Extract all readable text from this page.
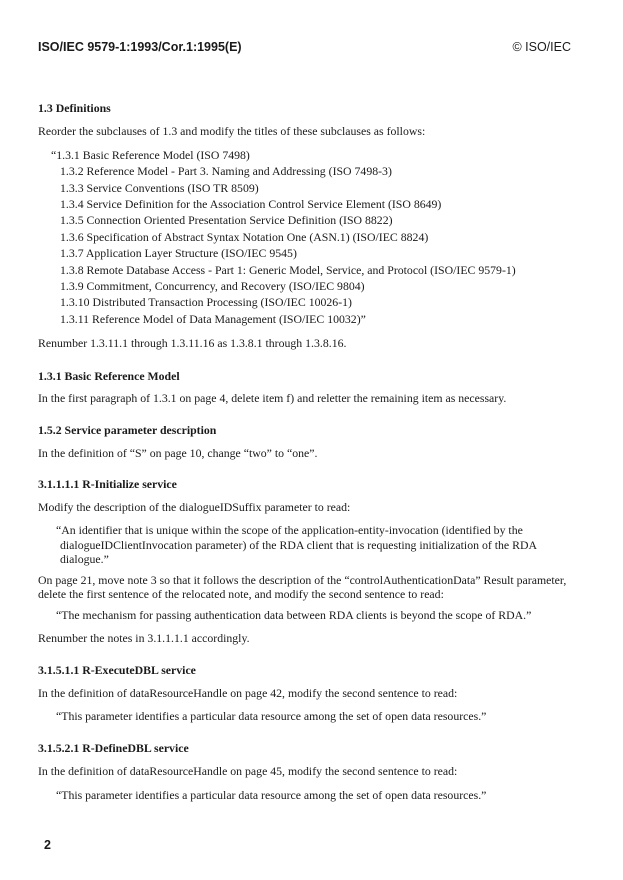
ISO/IEC 9579-1:1993/Cor.1:1995(E)	© ISO/IEC
1.3 Definitions
Reorder the subclauses of 1.3 and modify the titles of these subclauses as follows:
“1.3.1 Basic Reference Model (ISO 7498)
1.3.2 Reference Model - Part 3. Naming and Addressing (ISO 7498-3)
1.3.3 Service Conventions (ISO TR 8509)
1.3.4 Service Definition for the Association Control Service Element (ISO 8649)
1.3.5 Connection Oriented Presentation Service Definition (ISO 8822)
1.3.6 Specification of Abstract Syntax Notation One (ASN.1) (ISO/IEC 8824)
1.3.7 Application Layer Structure (ISO/IEC 9545)
1.3.8 Remote Database Access - Part 1: Generic Model, Service, and Protocol (ISO/IEC 9579-1)
1.3.9 Commitment, Concurrency, and Recovery (ISO/IEC 9804)
1.3.10 Distributed Transaction Processing (ISO/IEC 10026-1)
1.3.11 Reference Model of Data Management (ISO/IEC 10032)”
Renumber 1.3.11.1 through 1.3.11.16 as 1.3.8.1 through 1.3.8.16.
1.3.1 Basic Reference Model
In the first paragraph of 1.3.1 on page 4, delete item f) and reletter the remaining item as necessary.
1.5.2 Service parameter description
In the definition of “S” on page 10, change “two” to “one”.
3.1.1.1.1 R-Initialize service
Modify the description of the dialogueIDSuffix parameter to read:
“An identifier that is unique within the scope of the application-entity-invocation (identified by the
dialogueIDClientInvocation parameter) of the RDA client that is requesting initialization of the RDA
dialogue.”
On page 21, move note 3 so that it follows the description of the “controlAuthenticationData” Result parameter,
delete the first sentence of the relocated note, and modify the second sentence to read:
“The mechanism for passing authentication data between RDA clients is beyond the scope of RDA.”
Renumber the notes in 3.1.1.1.1 accordingly.
3.1.5.1.1 R-ExecuteDBL service
In the definition of dataResourceHandle on page 42, modify the second sentence to read:
“This parameter identifies a particular data resource among the set of open data resources.”
3.1.5.2.1 R-DefineDBL service
In the definition of dataResourceHandle on page 45, modify the second sentence to read:
“This parameter identifies a particular data resource among the set of open data resources.”
2
